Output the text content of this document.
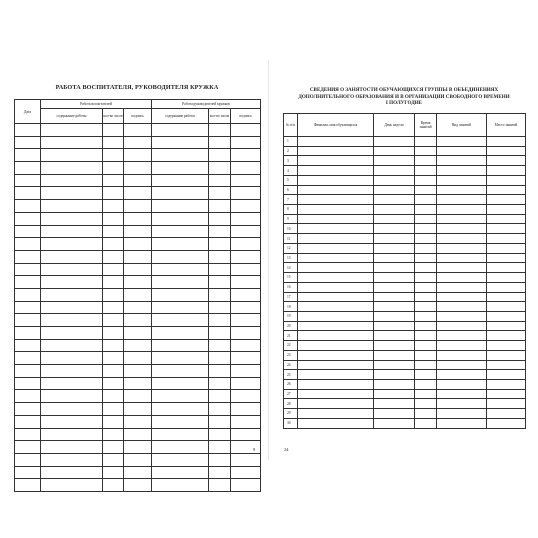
РАБОТА ВОСПИТАТЕЛЯ, РУКОВОДИТЕЛЯ КРУЖКА
Дата	Работа воспитателей			Работа руководителей кружков		
	содержание работы	кол-во часов	подпись	содержание работы	кол-во часов	подпись

9
СВЕДЕНИЯ О ЗАНЯТОСТИ ОБУЧАЮЩИХСЯ ГРУППЫ В ОБЪЕДИНЕНИЯХ
ДОПОЛНИТЕЛЬНОГО ОБРАЗОВАНИЯ И В ОРГАНИЗАЦИИ СВОБОДНОГО ВРЕМЕНИ
I ПОЛУГОДИЕ
№ п/п	Фамилия, имя обучающихся	День недели	Время занятий	Вид занятий	Место занятий
1					
2					
3					
4					
5					
6					
7					
8					
9					
10					
11					
12					
13					
14					
15					
16					
17					
18					
19					
20					
21					
22					
23					
24					
25					
26					
27					
28					
29					
30					
24
